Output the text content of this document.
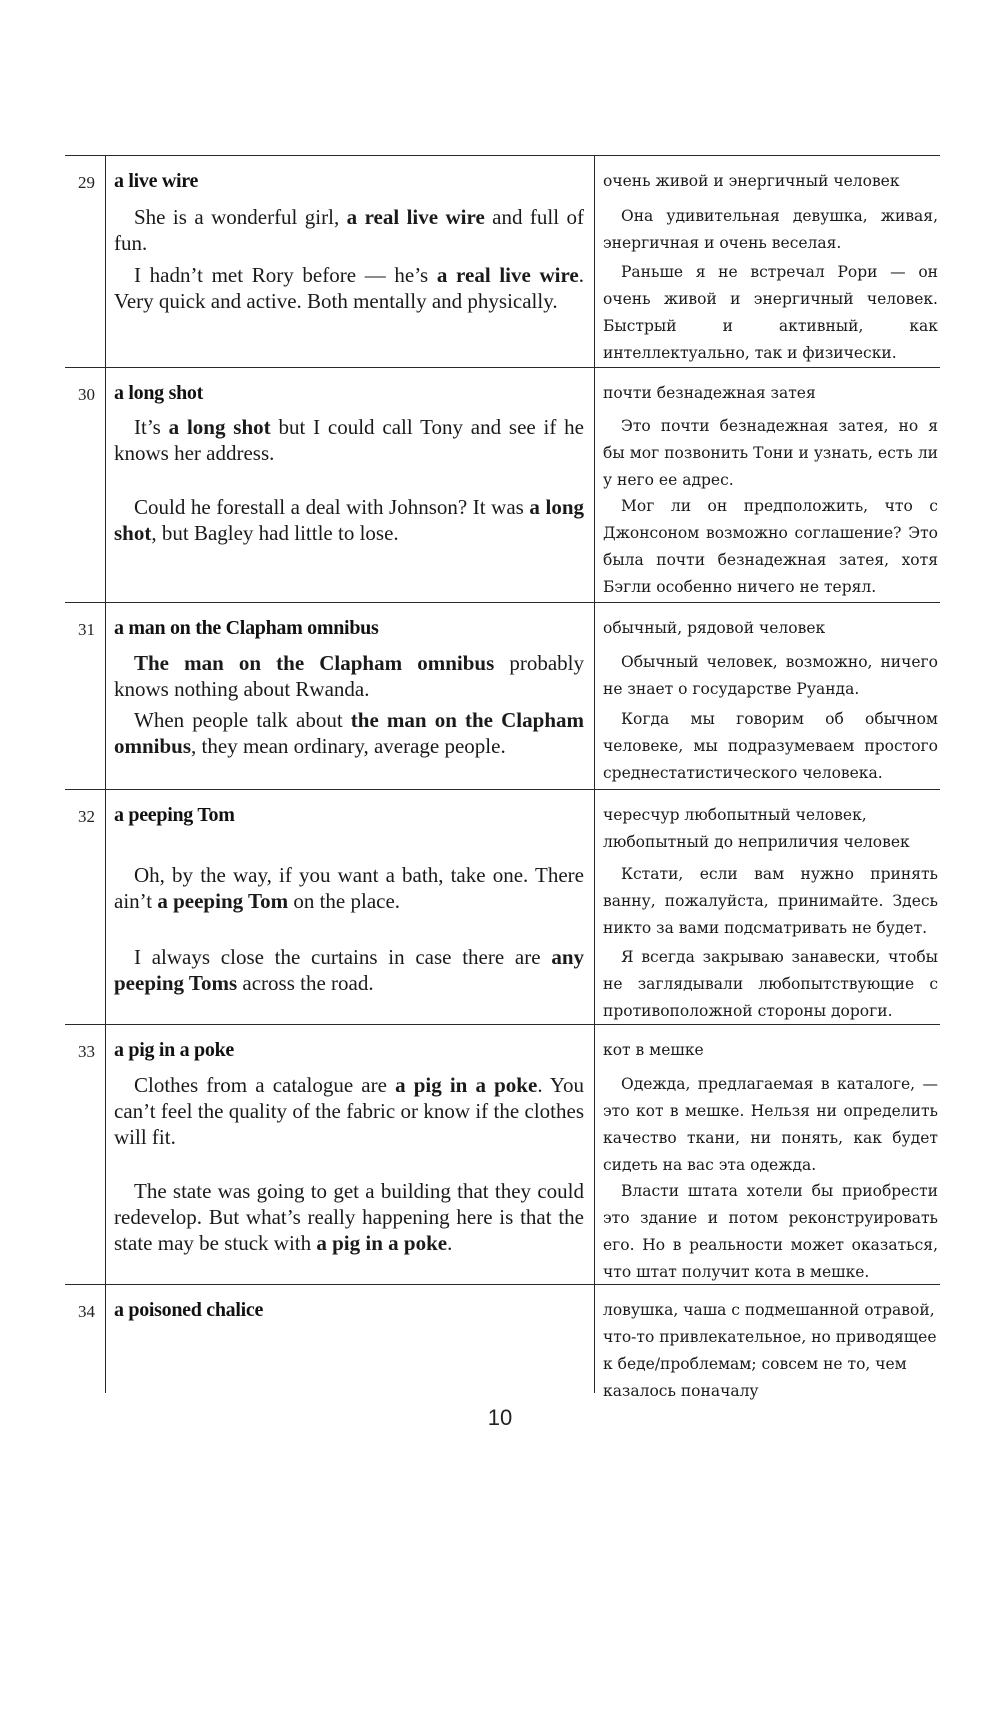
29 a live wire
She is a wonderful girl, a real live wire and full of fun.
I hadn’t met Rory before — he’s a real live wire. Very quick and active. Both mentally and physically.
очень живой и энергичный человек
Она удивительная девушка, живая, энергичная и очень веселая.
Раньше я не встречал Рори — он очень живой и энергичный человек. Быстрый и активный, как интеллектуально, так и физически.
30 a long shot
It’s a long shot but I could call Tony and see if he knows her address.
Could he forestall a deal with Johnson? It was a long shot, but Bagley had little to lose.
почти безнадежная затея
Это почти безнадежная затея, но я бы мог позвонить Тони и узнать, есть ли у него ее адрес.
Мог ли он предположить, что с Джонсоном возможно соглашение? Это была почти безнадежная затея, хотя Бэгли особенно ничего не терял.
31 a man on the Clapham omnibus
The man on the Clapham omnibus probably knows nothing about Rwanda.
When people talk about the man on the Clapham omnibus, they mean ordinary, average people.
обычный, рядовой человек
Обычный человек, возможно, ничего не знает о государстве Руанда.
Когда мы говорим об обычном человеке, мы подразумеваем простого среднестатистического человека.
32 a peeping Tom
Oh, by the way, if you want a bath, take one. There ain’t a peeping Tom on the place.
I always close the curtains in case there are any peeping Toms across the road.
чересчур любопытный человек, любопытный до неприличия человек
Кстати, если вам нужно принять ванну, пожалуйста, принимайте. Здесь никто за вами подсматривать не будет.
Я всегда закрываю занавески, чтобы не заглядывали любопытствующие с противоположной стороны дороги.
33 a pig in a poke
Clothes from a catalogue are a pig in a poke. You can’t feel the quality of the fabric or know if the clothes will fit.
The state was going to get a building that they could redevelop. But what’s really happening here is that the state may be stuck with a pig in a poke.
кот в мешке
Одежда, предлагаемая в каталоге, — это кот в мешке. Нельзя ни определить качество ткани, ни понять, как будет сидеть на вас эта одежда.
Власти штата хотели бы приобрести это здание и потом реконструировать его. Но в реальности может оказаться, что штат получит кота в мешке.
34 a poisoned chalice	ловушка, чаша с подмешанной отравой, что-то привлекательное, но приводящее к беде/проблемам; совсем не то, чем казалось поначалу
10
